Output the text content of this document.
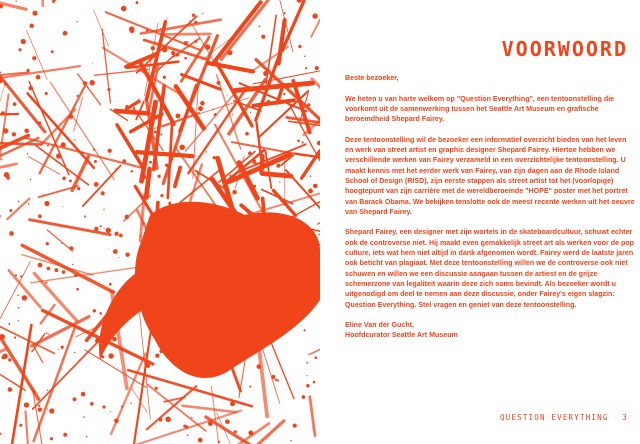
VOORWOORD

Beste bezoeker,

We heten u van harte welkom op "Question Everything", een tentoonstelling die voorkomt uit de samenwerking tussen het Seattle Art Museum en grafische beroemdheid Shepard Fairey.

Deze tentoonstelling wil de bezoeker een informatief overzicht bieden van het leven en werk van street artist en graphic designer Shepard Fairey. Hiertoe hebben we verschillende werken van Fairey verzameld in een overzichtelijke tentoonstelling. U maakt kennis met het eerder werk van Fairey, van zijn dagen aan de Rhode Island School of Design (RISD), zijn eerste stappen als street artist tot het (voorlopige) hoogtepunt van zijn carrière met de wereldberoemde "HOPE" poster met het portret van Barack Obama. We bekijken tenslotte ook de meest recente werken uit het oeuvre van Shepard Fairey.

Shepard Fairey, een designer met zijn wortels in de skateboardcultuur, schuwt echter ook de controverse niet. Hij maakt even gemakkelijk street art als werken voor de pop culture, iets wat hem niet altijd in dank afgenomen wordt. Fairey werd de laatste jaren ook beticht van plagiaat. Met deze tentoonstelling willen we de controverse ook niet schuwen en willen we een discussie aangaan tussen de artiest en de grijze schemerzone van legaliteit waarin deze zich soms bevindt. Als bezoeker wordt u uitgenodigd om deel te nemen aan deze discussie, onder Fairey's eigen slagzin: Question Everything. Stel vragen en geniet van deze tentoonstelling.

Eline Van der Gucht,
Hoofdcurator Seattle Art Museum

QUESTION EVERYTHING 3
